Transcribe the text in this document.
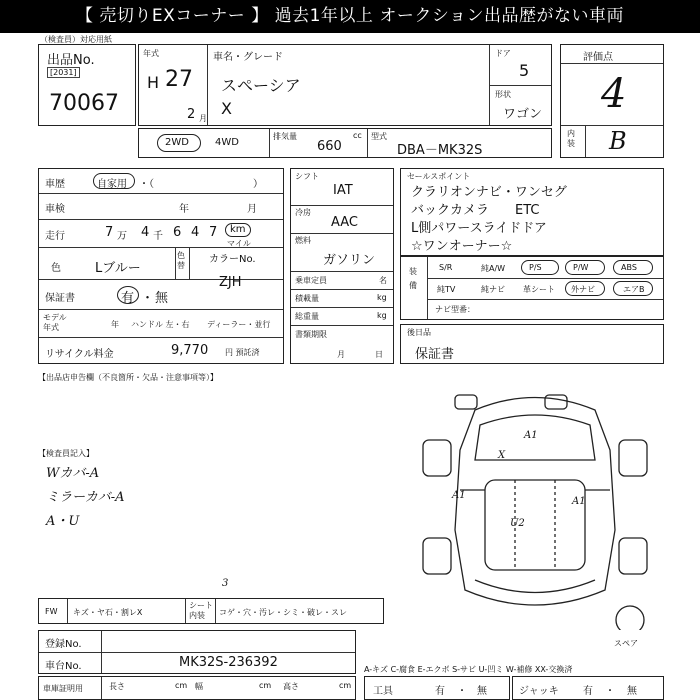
【 売切りEXコーナー 】 過去1年以上 オークション出品歴がない車両
（検査員）対応用紙
出品No.
[2031]
70067
年式
H 27
2 月
車名・グレード
スペーシア
X
ドア
5
形状
ワゴン
評価点
4
内装 B
2WD	4WD
排気量
660
cc 型式
DBA－MK32S
車歴	自家用 ・（	）
車検	年	月
走行	7 万 4 千 6 4 7 km
マイル
色	Lブルー
色替
カラーNo.
ZJH
保証書	有 ・ 無
モデル年式	年 ハンドル 左・右 ディーラー・並行
リサイクル料金	9,770 円 預託済
シフト
IAT
冷房
AAC
燃料
ガソリン
乗車定員	名
積載量	kg
総重量	kg
書類期限
月	日
セールスポイント
クラリオンナビ・ワンセグ
バックカメラ　　ETC
L側パワースライドドア
☆ワンオーナー☆
装備
S/R	純A/W	P/S	P/W	ABS
純TV	純ナビ 革シート 外ナビ	エアB
ナビ型番：
後日品
保証書
【出品店申告欄（不良箇所・欠品・注意事項等）】
【検査員記入】
Wカバ-A
ミラーカバ-A
A・U
A1
X
A1
A1
U2
スペア
FW キズ・ヤ石・割レX
シート内装	コゲ・穴・汚レ・シミ・破レ・スレ
3
登録No.
車台No.	MK32S-236392
車庫証明用	長さ	cm 幅	cm 高さ	cm
A-キズ C-腐食 E-エクボ S-サビ U-凹ミ W-補修 XX-交換済
工具	有 ・ 無	ジャッキ 有 ・ 無
